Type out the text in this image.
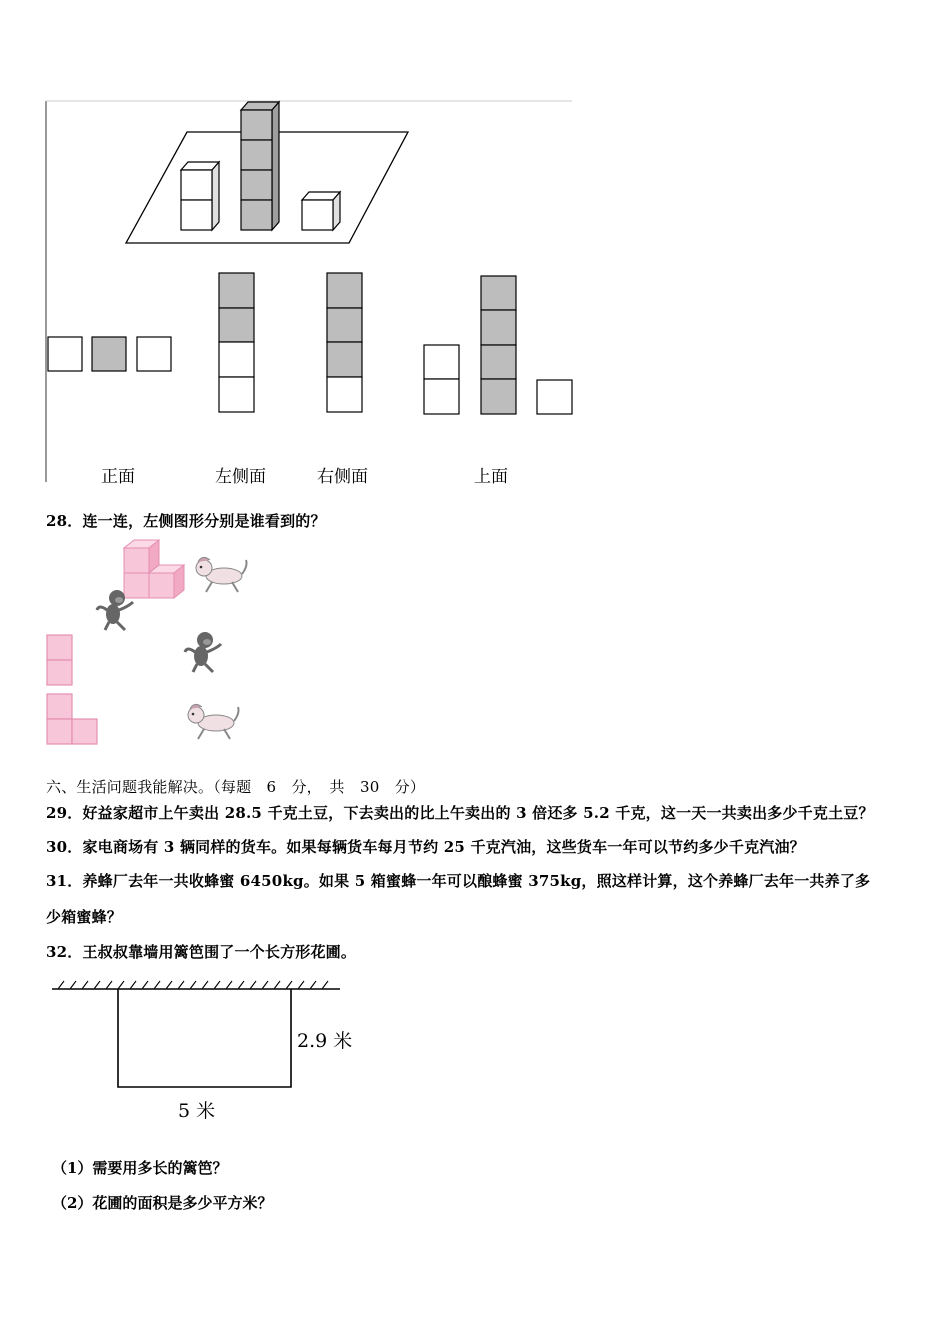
正面	左侧面	右侧面	上面
28．连一连，左侧图形分别是谁看到的？
六、生活问题我能解决。（每题　6　分，　共　30　分）
29．好益家超市上午卖出 28.5 千克土豆，下去卖出的比上午卖出的 3 倍还多 5.2 千克，这一天一共卖出多少千克土豆？
30．家电商场有 3 辆同样的货车。如果每辆货车每月节约 25 千克汽油，这些货车一年可以节约多少千克汽油？
31．养蜂厂去年一共收蜂蜜 6450kg。如果 5 箱蜜蜂一年可以酿蜂蜜 375kg，照这样计算，这个养蜂厂去年一共养了多
少箱蜜蜂？
32．王叔叔靠墙用篱笆围了一个长方形花圃。
2.9 米
5 米
（1）需要用多长的篱笆？
（2）花圃的面积是多少平方米？
